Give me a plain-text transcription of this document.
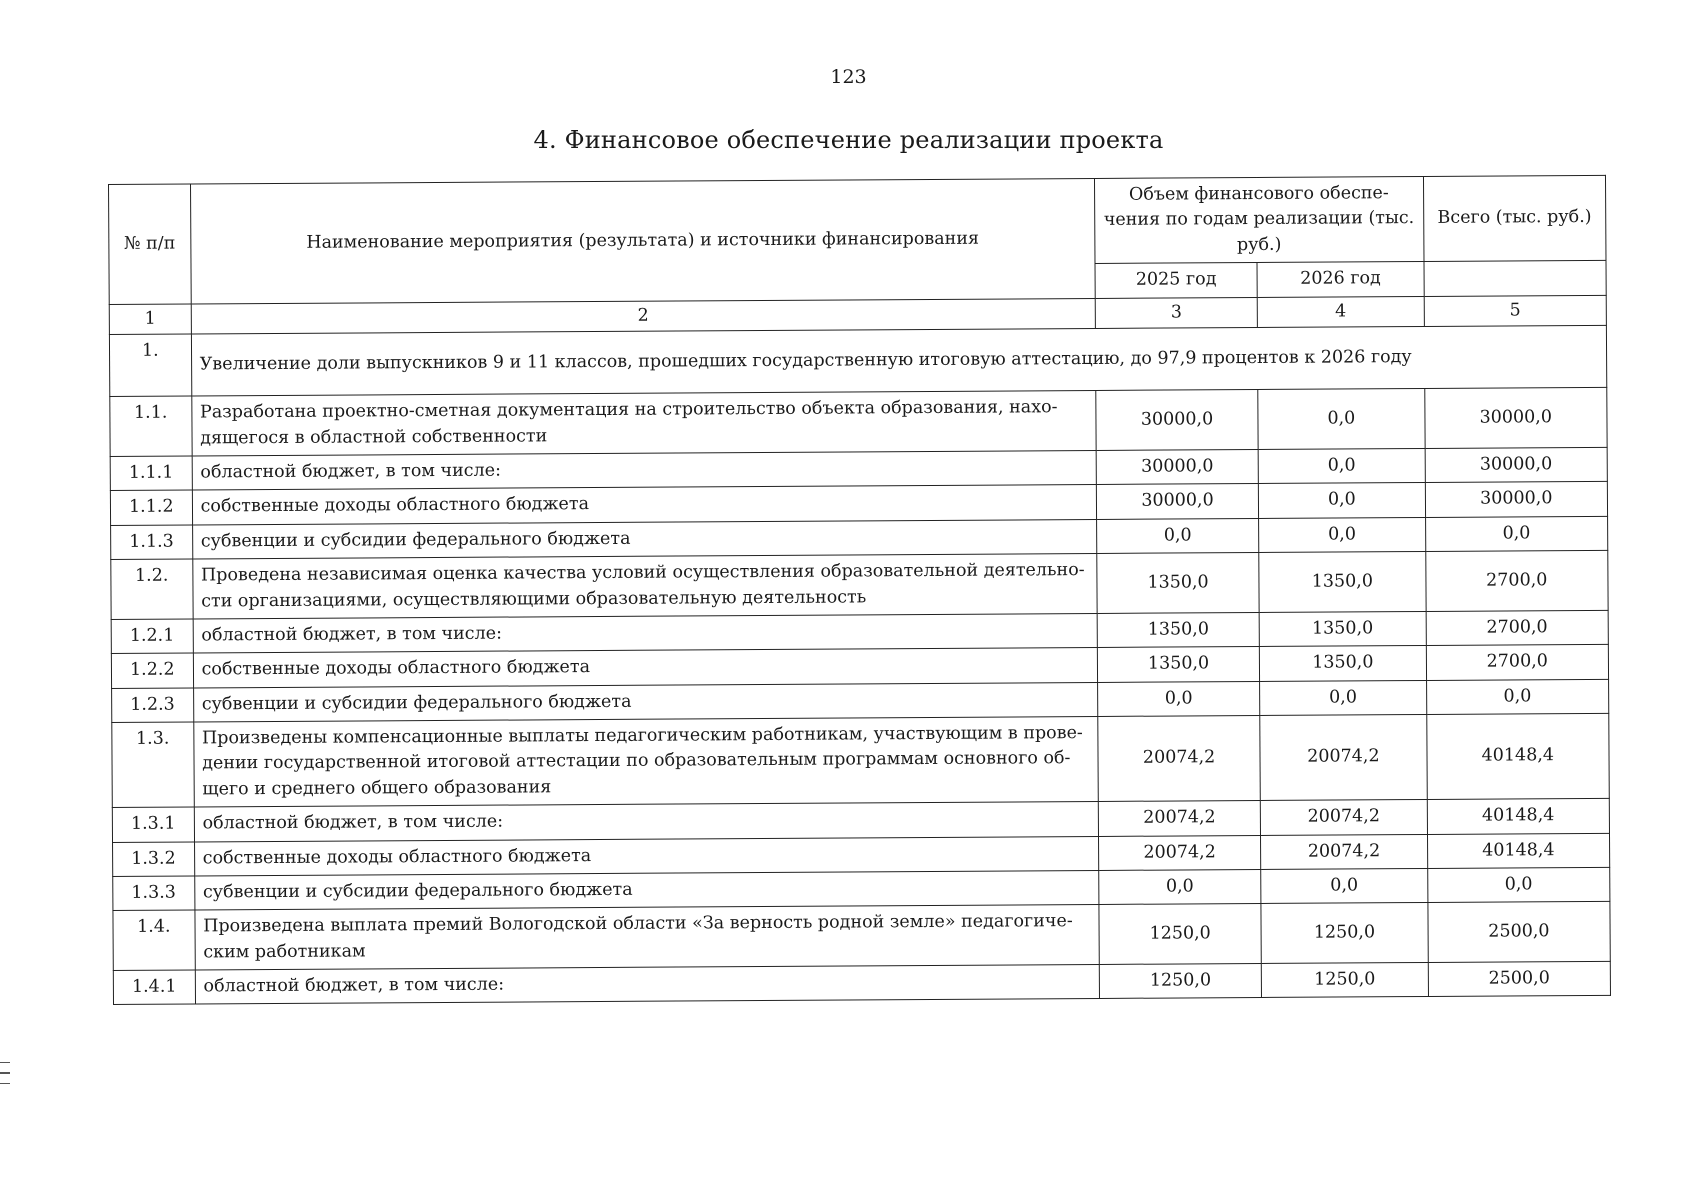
123
4. Финансовое обеспечение реализации проекта
№ п/п	Наименование мероприятия (результата) и источники финансирования	Объем финансового обеспе- чения по годам реализации (тыс. руб.)		Всего (тыс. руб.)
		2025 год	2026 год	
1	2	3	4	5
1.	Увеличение доли выпускников 9 и 11 классов, прошедших государственную итоговую аттестацию, до 97,9 процентов к 2026 году			
1.1.	Разработана проектно-сметная документация на строительство объекта образования, нахо- дящегося в областной собственности	30000,0	0,0	30000,0
1.1.1	областной бюджет, в том числе:	30000,0	0,0	30000,0
1.1.2	собственные доходы областного бюджета	30000,0	0,0	30000,0
1.1.3	субвенции и субсидии федерального бюджета	0,0	0,0	0,0
1.2.	Проведена независимая оценка качества условий осуществления образовательной деятельно- сти организациями, осуществляющими образовательную деятельность	1350,0	1350,0	2700,0
1.2.1	областной бюджет, в том числе:	1350,0	1350,0	2700,0
1.2.2	собственные доходы областного бюджета	1350,0	1350,0	2700,0
1.2.3	субвенции и субсидии федерального бюджета	0,0	0,0	0,0
1.3.	Произведены компенсационные выплаты педагогическим работникам, участвующим в прове- дении государственной итоговой аттестации по образовательным программам основного об- щего и среднего общего образования	20074,2	20074,2	40148,4
1.3.1	областной бюджет, в том числе:	20074,2	20074,2	40148,4
1.3.2	собственные доходы областного бюджета	20074,2	20074,2	40148,4
1.3.3	субвенции и субсидии федерального бюджета	0,0	0,0	0,0
1.4.	Произведена выплата премий Вологодской области «За верность родной земле» педагогиче- ским работникам	1250,0	1250,0	2500,0
1.4.1	областной бюджет, в том числе:	1250,0	1250,0	2500,0
